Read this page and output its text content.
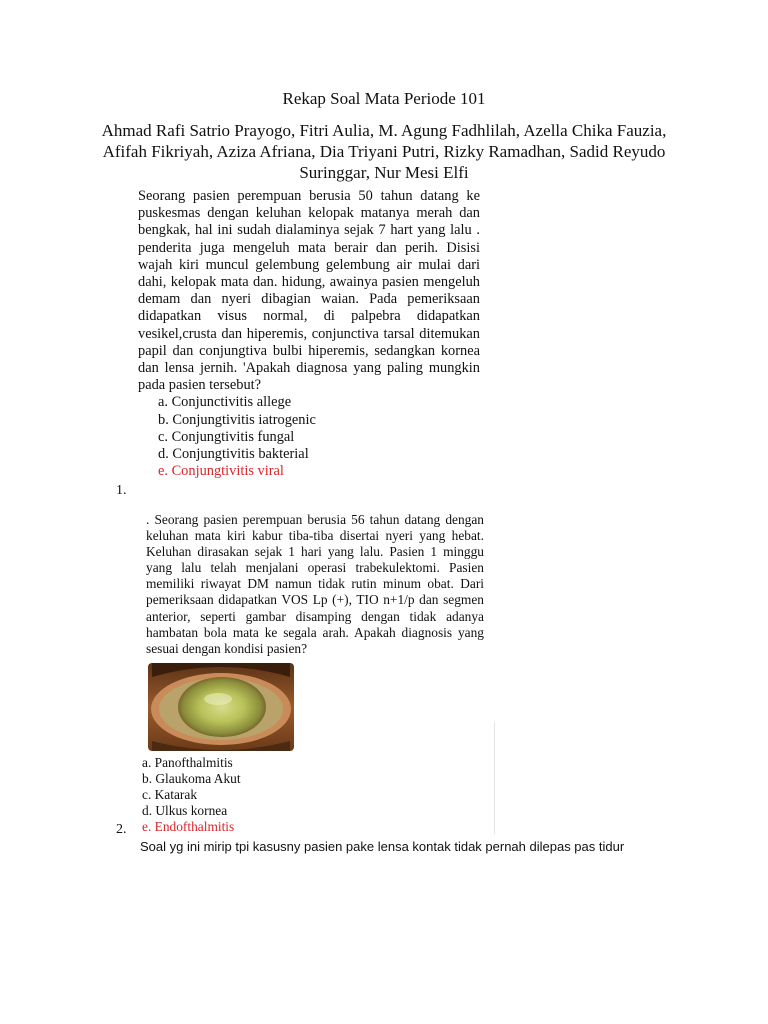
Rekap Soal Mata Periode 101
Ahmad Rafi Satrio Prayogo, Fitri Aulia, M. Agung Fadhlilah, Azella Chika Fauzia, Afifah Fikriyah, Aziza Afriana, Dia Triyani Putri, Rizky Ramadhan, Sadid Reyudo Suringgar, Nur Mesi Elfi
1.

Seorang pasien perempuan berusia 50 tahun datang ke puskesmas dengan keluhan kelopak matanya merah dan bengkak, hal ini sudah dialaminya sejak 7 hart yang lalu . penderita juga mengeluh mata berair dan perih. Disisi wajah kiri muncul gelembung gelembung air mulai dari dahi, kelopak mata dan. hidung, awainya pasien mengeluh demam dan nyeri dibagian waian. Pada pemeriksaan didapatkan visus normal, di palpebra didapatkan vesikel,crusta dan hiperemis, conjunctiva tarsal ditemukan papil dan conjungtiva bulbi hiperemis, sedangkan kornea dan lensa jernih. 'Apakah diagnosa yang paling mungkin pada pasien tersebut?

a. Conjunctivitis allege
b. Conjungtivitis iatrogenic
c. Conjungtivitis fungal
d. Conjungtivitis bakterial
e. Conjungtivitis viral
2.

. Seorang pasien perempuan berusia 56 tahun datang dengan keluhan mata kiri kabur tiba-tiba disertai nyeri yang hebat. Keluhan dirasakan sejak 1 hari yang lalu. Pasien 1 minggu yang lalu telah menjalani operasi trabekulektomi. Pasien memiliki riwayat DM namun tidak rutin minum obat. Dari pemeriksaan didapatkan VOS Lp (+), TIO n+1/p dan segmen anterior, seperti gambar disamping dengan tidak adanya hambatan bola mata ke segala arah. Apakah diagnosis yang sesuai dengan kondisi pasien?

a. Panofthalmitis
b. Glaukoma Akut
c. Katarak
d. Ulkus kornea
e. Endofthalmitis
Soal yg ini mirip tpi kasusny pasien pake lensa kontak tidak pernah dilepas pas tidur
